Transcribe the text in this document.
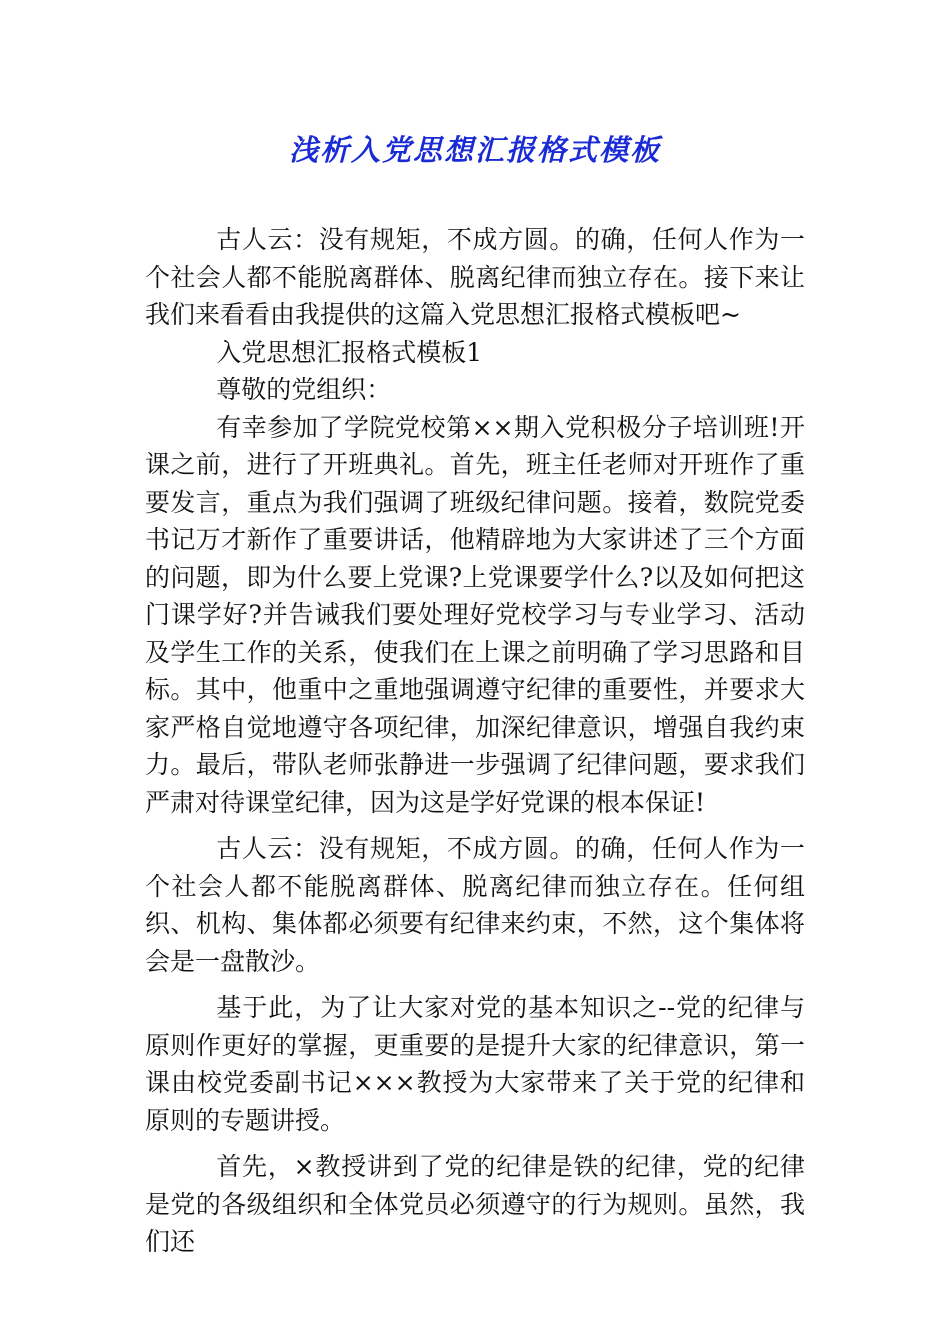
浅析入党思想汇报格式模板

古人云：没有规矩，不成方圆。的确，任何人作为一个社会人都不能脱离群体、脱离纪律而独立存在。接下来让我们来看看由我提供的这篇入党思想汇报格式模板吧~

入党思想汇报格式模板1

尊敬的党组织：

有幸参加了学院党校第××期入党积极分子培训班!开课之前，进行了开班典礼。首先，班主任老师对开班作了重要发言，重点为我们强调了班级纪律问题。接着，数院党委书记万才新作了重要讲话，他精辟地为大家讲述了三个方面的问题，即为什么要上党课?上党课要学什么?以及如何把这门课学好?并告诫我们要处理好党校学习与专业学习、活动及学生工作的关系，使我们在上课之前明确了学习思路和目标。其中，他重中之重地强调遵守纪律的重要性，并要求大家严格自觉地遵守各项纪律，加深纪律意识，增强自我约束力。最后，带队老师张静进一步强调了纪律问题，要求我们严肃对待课堂纪律，因为这是学好党课的根本保证!

古人云：没有规矩，不成方圆。的确，任何人作为一个社会人都不能脱离群体、脱离纪律而独立存在。任何组织、机构、集体都必须要有纪律来约束，不然，这个集体将会是一盘散沙。

基于此，为了让大家对党的基本知识之--党的纪律与原则作更好的掌握，更重要的是提升大家的纪律意识，第一课由校党委副书记×××教授为大家带来了关于党的纪律和原则的专题讲授。

首先，×教授讲到了党的纪律是铁的纪律，党的纪律是党的各级组织和全体党员必须遵守的行为规则。虽然，我们还
